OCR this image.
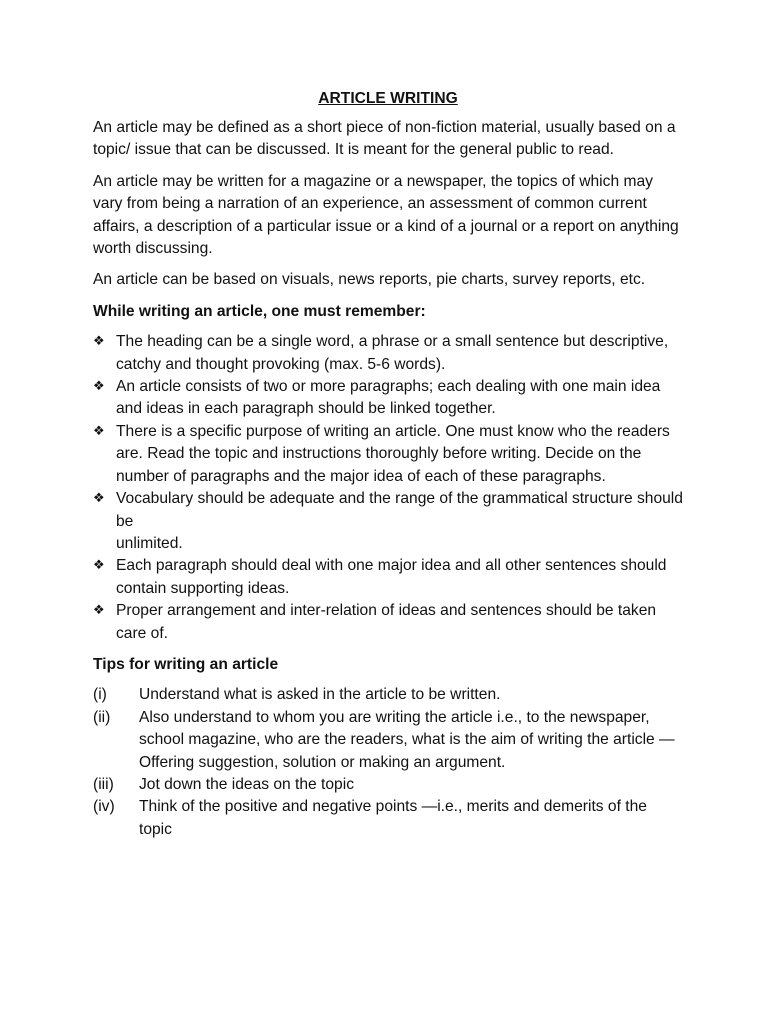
ARTICLE WRITING

An article may be defined as a short piece of non-fiction material, usually based on a topic/ issue that can be discussed. It is meant for the general public to read.

An article may be written for a magazine or a newspaper, the topics of which may vary from being a narration of an experience, an assessment of common current affairs, a description of a particular issue or a kind of a journal or a report on anything worth discussing.

An article can be based on visuals, news reports, pie charts, survey reports, etc.

While writing an article, one must remember:
❖ The heading can be a single word, a phrase or a small sentence but descriptive, catchy and thought provoking (max. 5-6 words).
❖ An article consists of two or more paragraphs; each dealing with one main idea and ideas in each paragraph should be linked together.
❖ There is a specific purpose of writing an article. One must know who the readers are. Read the topic and instructions thoroughly before writing. Decide on the number of paragraphs and the major idea of each of these paragraphs.
❖ Vocabulary should be adequate and the range of the grammatical structure should be
unlimited.
❖ Each paragraph should deal with one major idea and all other sentences should contain supporting ideas.
❖ Proper arrangement and inter-relation of ideas and sentences should be taken care of.
Tips for writing an article
(i) Understand what is asked in the article to be written.
(ii) Also understand to whom you are writing the article i.e., to the newspaper, school magazine, who are the readers, what is the aim of writing the article — Offering suggestion, solution or making an argument.
(iii) Jot down the ideas on the topic
(iv) Think of the positive and negative points —i.e., merits and demerits of the topic
